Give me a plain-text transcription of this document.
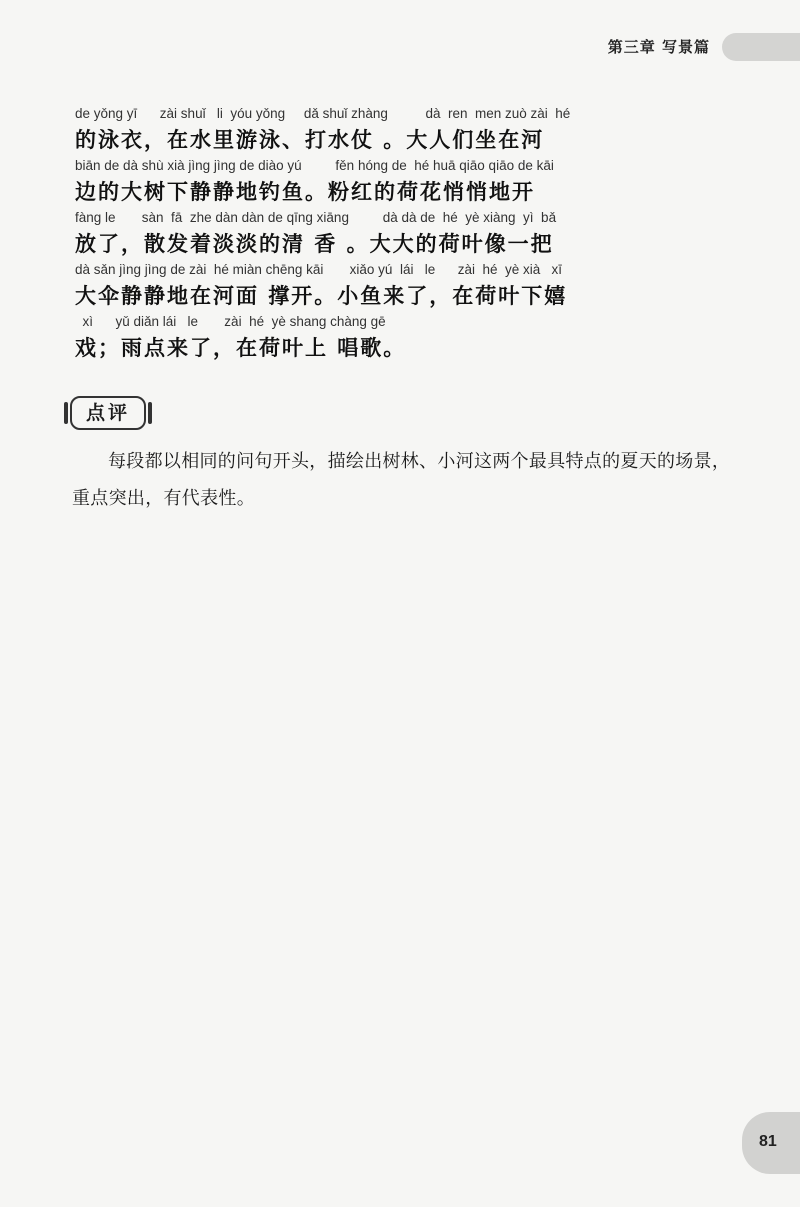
第三章 写景篇
de yǒng yī      zài shuǐ   li  yóu yǒng     dǎ shuǐ zhàng          dà  ren  men zuò zài  hé
的泳衣，在水里游泳、打水仗 。大人们坐在河
biān de dà shù xià jìng jìng de diào yú         fěn hóng de  hé huā qiāo qiāo de kāi
边的大树下静静地钓鱼。粉红的荷花悄悄地开
fàng le       sàn  fā  zhe dàn dàn de qīng xiāng         dà dà de  hé  yè xiàng  yì  bǎ
放了，散发着淡淡的清 香 。大大的荷叶像一把
dà sǎn jìng jìng de zài  hé miàn chēng kāi       xiǎo yú  lái   le      zài  hé  yè xià   xī
大伞静静地在河面 撑开。小鱼来了，在荷叶下嬉
xì      yǔ diǎn lái   le       zài  hé  yè shang chàng gē
戏；雨点来了，在荷叶上 唱歌。
点评
每段都以相同的问句开头，描绘出树林、小河这两个最具特点的夏天的场景，重点突出，有代表性。
81
